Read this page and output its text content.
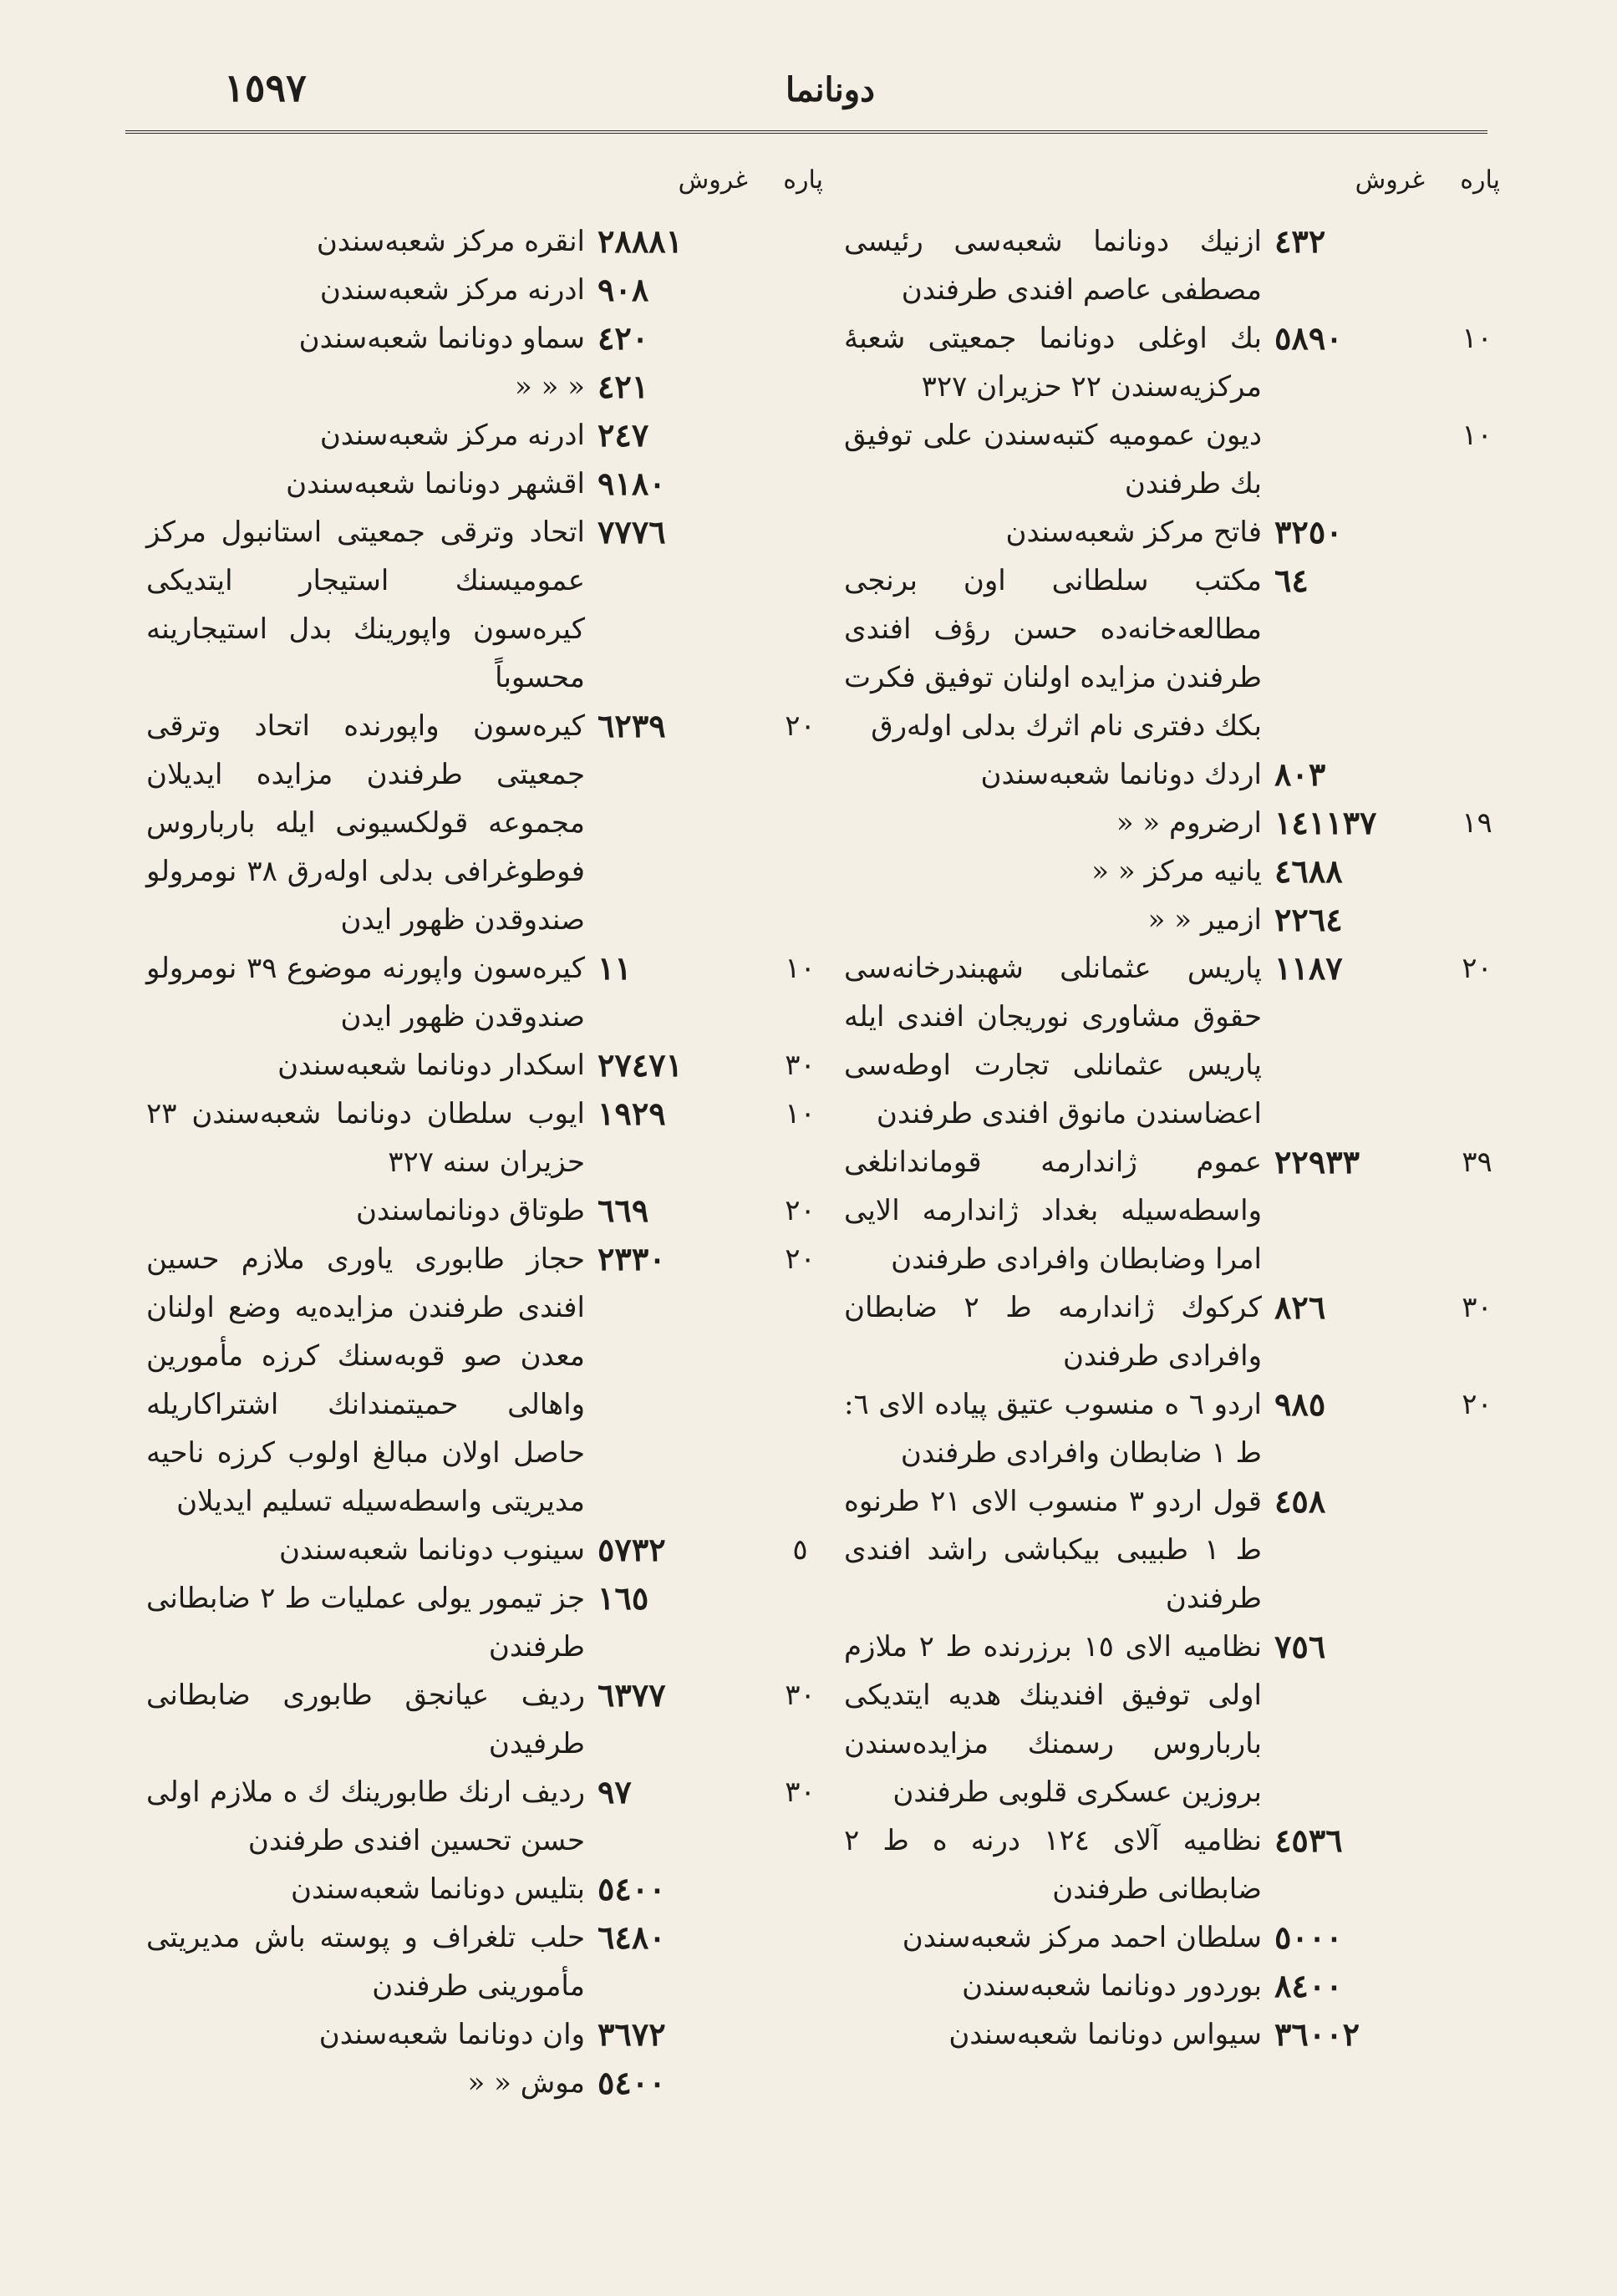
١٥٩٧	دونانما
پاره
غروش
٤٣٢
ازنیك دونانما شعبه‌سی رئیسی مصطفی عاصم افندی طرفندن
١٠
٥٨٩٠
بك اوغلی دونانما جمعیتی شعبهٔ مرکزیه‌سندن ٢٢ حزیران ٣٢٧
١٠
دیون عمومیه کتبه‌سندن علی توفیق بك طرفندن
٣٢٥٠
فاتح مرکز شعبه‌سندن
٦٤
مکتب سلطانی اون برنجی مطالعه‌خانه‌ده حسن رؤف افندی طرفندن مزایده اولنان توفیق فکرت بکك دفتری نام اثرك بدلی اوله‌رق
٨٠٣
اردك دونانما شعبه‌سندن
١٩
١٤١١٣٧
ارضروم « «
٤٦٨٨
یانیه مرکز « «
٢٢٦٤
ازمیر « «
٢٠
١١٨٧
پاریس عثمانلی شهبندرخانه‌سی حقوق مشاوری نوریجان افندی ایله پاریس عثمانلی تجارت اوطه‌سی اعضاسندن مانوق افندی طرفندن
٣٩
٢٢٩٣٣
عموم ژاندارمه قوماندانلغی واسطه‌سیله بغداد ژاندارمه الایی امرا وضابطان وافرادی طرفندن
٣٠
٨٢٦
کرکوك ژاندارمه ط ٢ ضابطان وافرادی طرفندن
٢٠
٩٨٥
اردو ٦ ه منسوب عتیق پیاده الای ٦: ط ١ ضابطان وافرادی طرفندن
٤٥٨
قول اردو ٣ منسوب الای ٢١ طرنوه ط ١ طبیبی بیکباشی راشد افندی طرفندن
٧٥٦
نظامیه الای ١٥ برزرنده ط ٢ ملازم اولی توفیق افندینك هدیه ایتدیکی بارباروس رسمنك مزایده‌سندن بروزین عسکری قلوبی طرفندن
٤٥٣٦
نظامیه آلای ١٢٤ درنه ه ط ٢ ضابطانی طرفندن
٥٠٠٠
سلطان احمد مرکز شعبه‌سندن
٨٤٠٠
بوردور دونانما شعبه‌سندن
٣٦٠٠٢
سیواس دونانما شعبه‌سندن
پاره
غروش
٢٨٨٨١
انقره مرکز شعبه‌سندن
٩٠٨
ادرنه مرکز شعبه‌سندن
٤٢٠
سماو دونانما شعبه‌سندن
٤٢١
« « «
٢٤٧
ادرنه مرکز شعبه‌سندن
٩١٨٠
اقشهر دونانما شعبه‌سندن
٧٧٧٦
اتحاد وترقی جمعیتی استانبول مرکز عمومیسنك استیجار ایتدیکی کیره‌سون واپورینك بدل استیجارینه محسوباً
٢٠
٦٢٣٩
کیره‌سون واپورنده اتحاد وترقی جمعیتی طرفندن مزایده ایدیلان مجموعه قولکسیونی ایله بارباروس فوطوغرافی بدلی اوله‌رق ٣٨ نومرولو صندوقدن ظهور ایدن
١٠
١١
کیره‌سون واپورنه موضوع ٣٩ نومرولو صندوقدن ظهور ایدن
٣٠
٢٧٤٧١
اسکدار دونانما شعبه‌سندن
١٠
١٩٢٩
ایوب سلطان دونانما شعبه‌سندن ٢٣ حزیران سنه ٣٢٧
٢٠
٦٦٩
طوتاق دونانماسندن
٢٠
٢٣٣٠
حجاز طابوری یاوری ملازم حسین افندی طرفندن مزایده‌یه وضع اولنان معدن صو قوبه‌سنك کرزه مأمورین واهالی حمیتمندانك اشتراکاریله حاصل اولان مبالغ اولوب کرزه ناحیه مدیریتی واسطه‌سیله تسلیم ایدیلان
٥
٥٧٣٢
سینوب دونانما شعبه‌سندن
١٦٥
جز تیمور یولی عملیات ط ٢ ضابطانی طرفندن
٣٠
٦٣٧٧
ردیف عیانجق طابوری ضابطانی طرفیدن
٣٠
٩٧
ردیف ارنك طابورینك ك ه ملازم اولی حسن تحسین افندی طرفندن
٥٤٠٠
بتلیس دونانما شعبه‌سندن
٦٤٨٠
حلب تلغراف و پوسته باش مدیریتی مأمورینی طرفندن
٣٦٧٢
وان دونانما شعبه‌سندن
٥٤٠٠
موش « «
